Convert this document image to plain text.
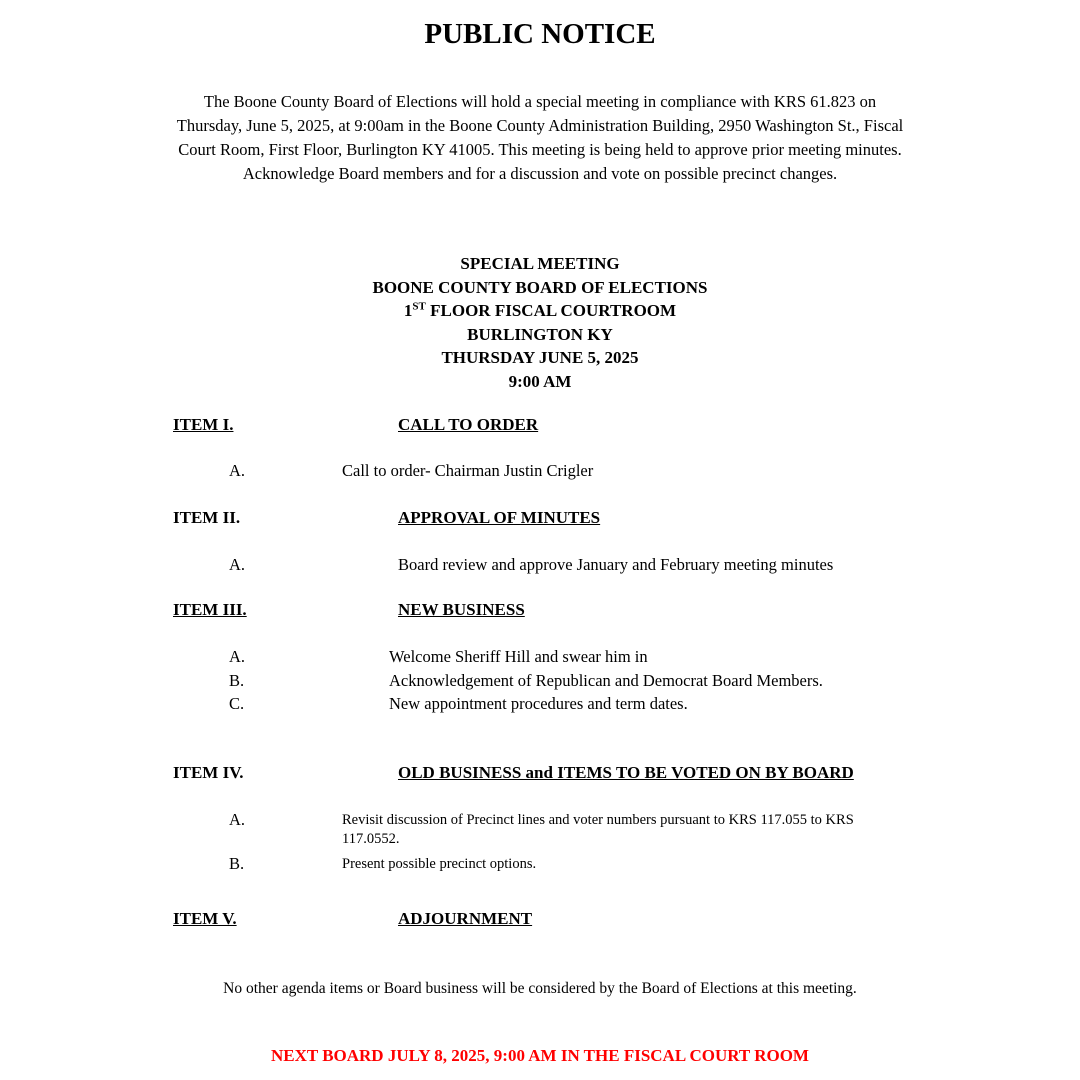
PUBLIC NOTICE

The Boone County Board of Elections will hold a special meeting in compliance with KRS 61.823 on
Thursday, June 5, 2025, at 9:00am in the Boone County Administration Building, 2950 Washington St., Fiscal
Court Room, First Floor, Burlington KY 41005. This meeting is being held to approve prior meeting minutes.
Acknowledge Board members and for a discussion and vote on possible precinct changes.

SPECIAL MEETING
BOONE COUNTY BOARD OF ELECTIONS
1ST FLOOR FISCAL COURTROOM
BURLINGTON KY
THURSDAY JUNE 5, 2025
9:00 AM
ITEM I.	CALL TO ORDER
A.	Call to order- Chairman Justin Crigler
ITEM II.	APPROVAL OF MINUTES
A.	Board review and approve January and February meeting minutes
ITEM III.	NEW BUSINESS
A.	Welcome Sheriff Hill and swear him in
B.	Acknowledgement of Republican and Democrat Board Members.
C.	New appointment procedures and term dates.
ITEM IV.	OLD BUSINESS and ITEMS TO BE VOTED ON BY BOARD
A.	Revisit discussion of Precinct lines and voter numbers pursuant to KRS 117.055 to KRS
117.0552.
B.	Present possible precinct options.
ITEM V.	ADJOURNMENT
No other agenda items or Board business will be considered by the Board of Elections at this meeting.
NEXT BOARD JULY 8, 2025, 9:00 AM IN THE FISCAL COURT ROOM
